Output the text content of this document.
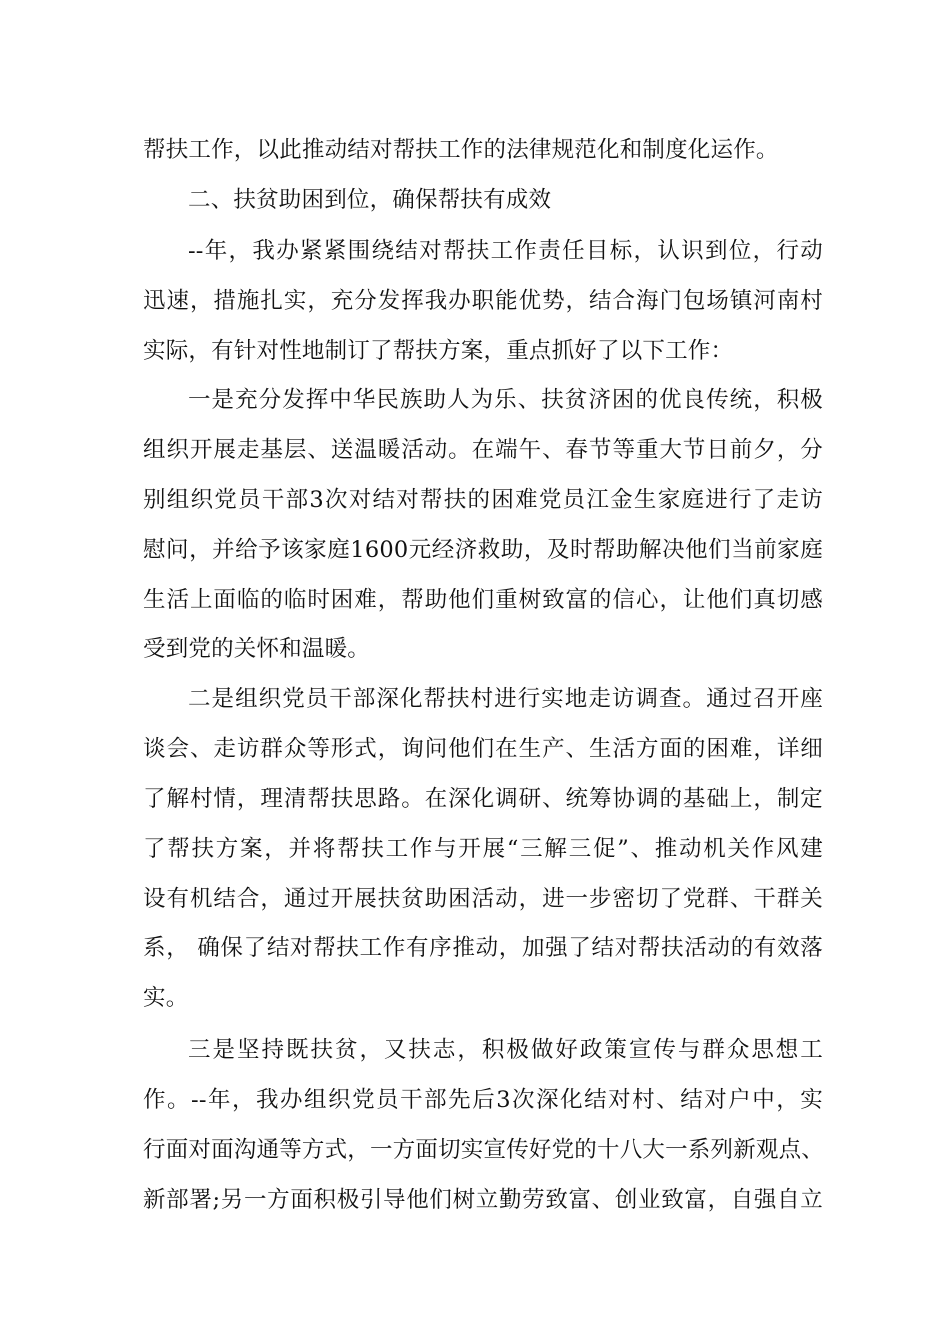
帮扶工作，以此推动结对帮扶工作的法律规范化和制度化运作。
二、扶贫助困到位，确保帮扶有成效
--年，我办紧紧围绕结对帮扶工作责任目标，认识到位，行动
迅速，措施扎实，充分发挥我办职能优势，结合海门包场镇河南村
实际，有针对性地制订了帮扶方案，重点抓好了以下工作：
一是充分发挥中华民族助人为乐、扶贫济困的优良传统，积极
组织开展走基层、送温暖活动。在端午、春节等重大节日前夕，分
别组织党员干部3次对结对帮扶的困难党员江金生家庭进行了走访
慰问，并给予该家庭1600元经济救助，及时帮助解决他们当前家庭
生活上面临的临时困难，帮助他们重树致富的信心，让他们真切感
受到党的关怀和温暖。
二是组织党员干部深化帮扶村进行实地走访调查。通过召开座
谈会、走访群众等形式，询问他们在生产、生活方面的困难，详细
了解村情，理清帮扶思路。在深化调研、统筹协调的基础上，制定
了帮扶方案，并将帮扶工作与开展“三解三促”、推动机关作风建
设有机结合，通过开展扶贫助困活动，进一步密切了党群、干群关
系， 确保了结对帮扶工作有序推动，加强了结对帮扶活动的有效落
实。
三是坚持既扶贫，又扶志，积极做好政策宣传与群众思想工
作。--年，我办组织党员干部先后3次深化结对村、结对户中，实
行面对面沟通等方式，一方面切实宣传好党的十八大一系列新观点、
新部署;另一方面积极引导他们树立勤劳致富、创业致富，自强自立
